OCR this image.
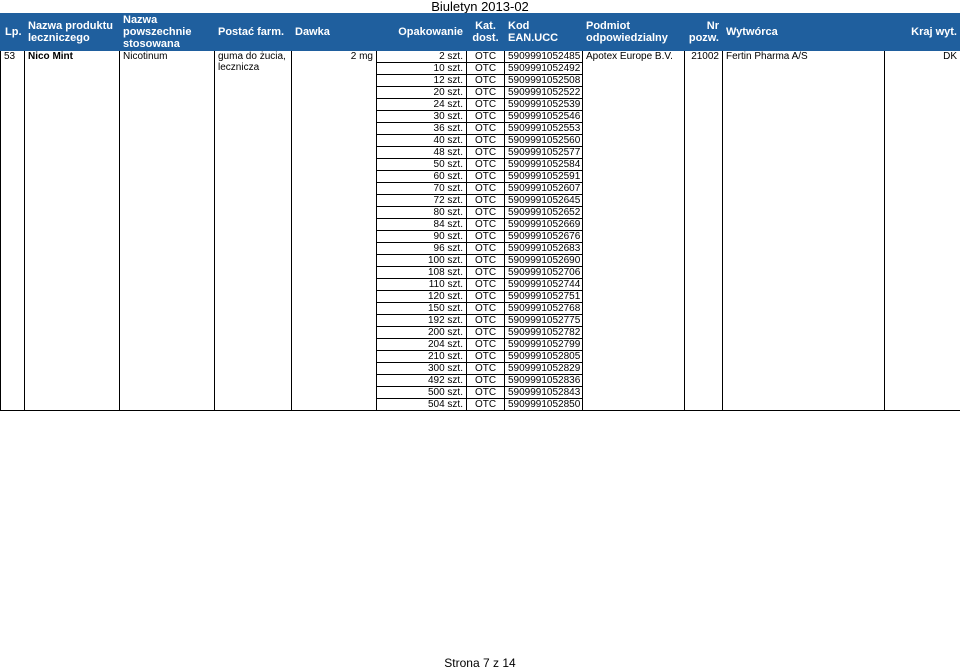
Biuletyn 2013-02
Lp.	Nazwa produktu leczniczego	Nazwa powszechnie stosowana	Postać farm.	Dawka	Opakowanie	Kat. dost.	Kod EAN.UCC	Podmiot odpowiedzialny	Nr pozw.	Wytwórca	Kraj wyt.
53	Nico Mint	Nicotinum	guma do żucia, lecznicza	2 mg	2 szt.	OTC	5909991052485	Apotex Europe B.V.	21002	Fertin Pharma A/S	DK
					10 szt.	OTC	5909991052492				
					12 szt.	OTC	5909991052508				
					20 szt.	OTC	5909991052522				
					24 szt.	OTC	5909991052539				
					30 szt.	OTC	5909991052546				
					36 szt.	OTC	5909991052553				
					40 szt.	OTC	5909991052560				
					48 szt.	OTC	5909991052577				
					50 szt.	OTC	5909991052584				
					60 szt.	OTC	5909991052591				
					70 szt.	OTC	5909991052607				
					72 szt.	OTC	5909991052645				
					80 szt.	OTC	5909991052652				
					84 szt.	OTC	5909991052669				
					90 szt.	OTC	5909991052676				
					96 szt.	OTC	5909991052683				
					100 szt.	OTC	5909991052690				
					108 szt.	OTC	5909991052706				
					110 szt.	OTC	5909991052744				
					120 szt.	OTC	5909991052751				
					150 szt.	OTC	5909991052768				
					192 szt.	OTC	5909991052775				
					200 szt.	OTC	5909991052782				
					204 szt.	OTC	5909991052799				
					210 szt.	OTC	5909991052805				
					300 szt.	OTC	5909991052829				
					492 szt.	OTC	5909991052836				
					500 szt.	OTC	5909991052843				
					504 szt.	OTC	5909991052850				
Strona 7 z 14
